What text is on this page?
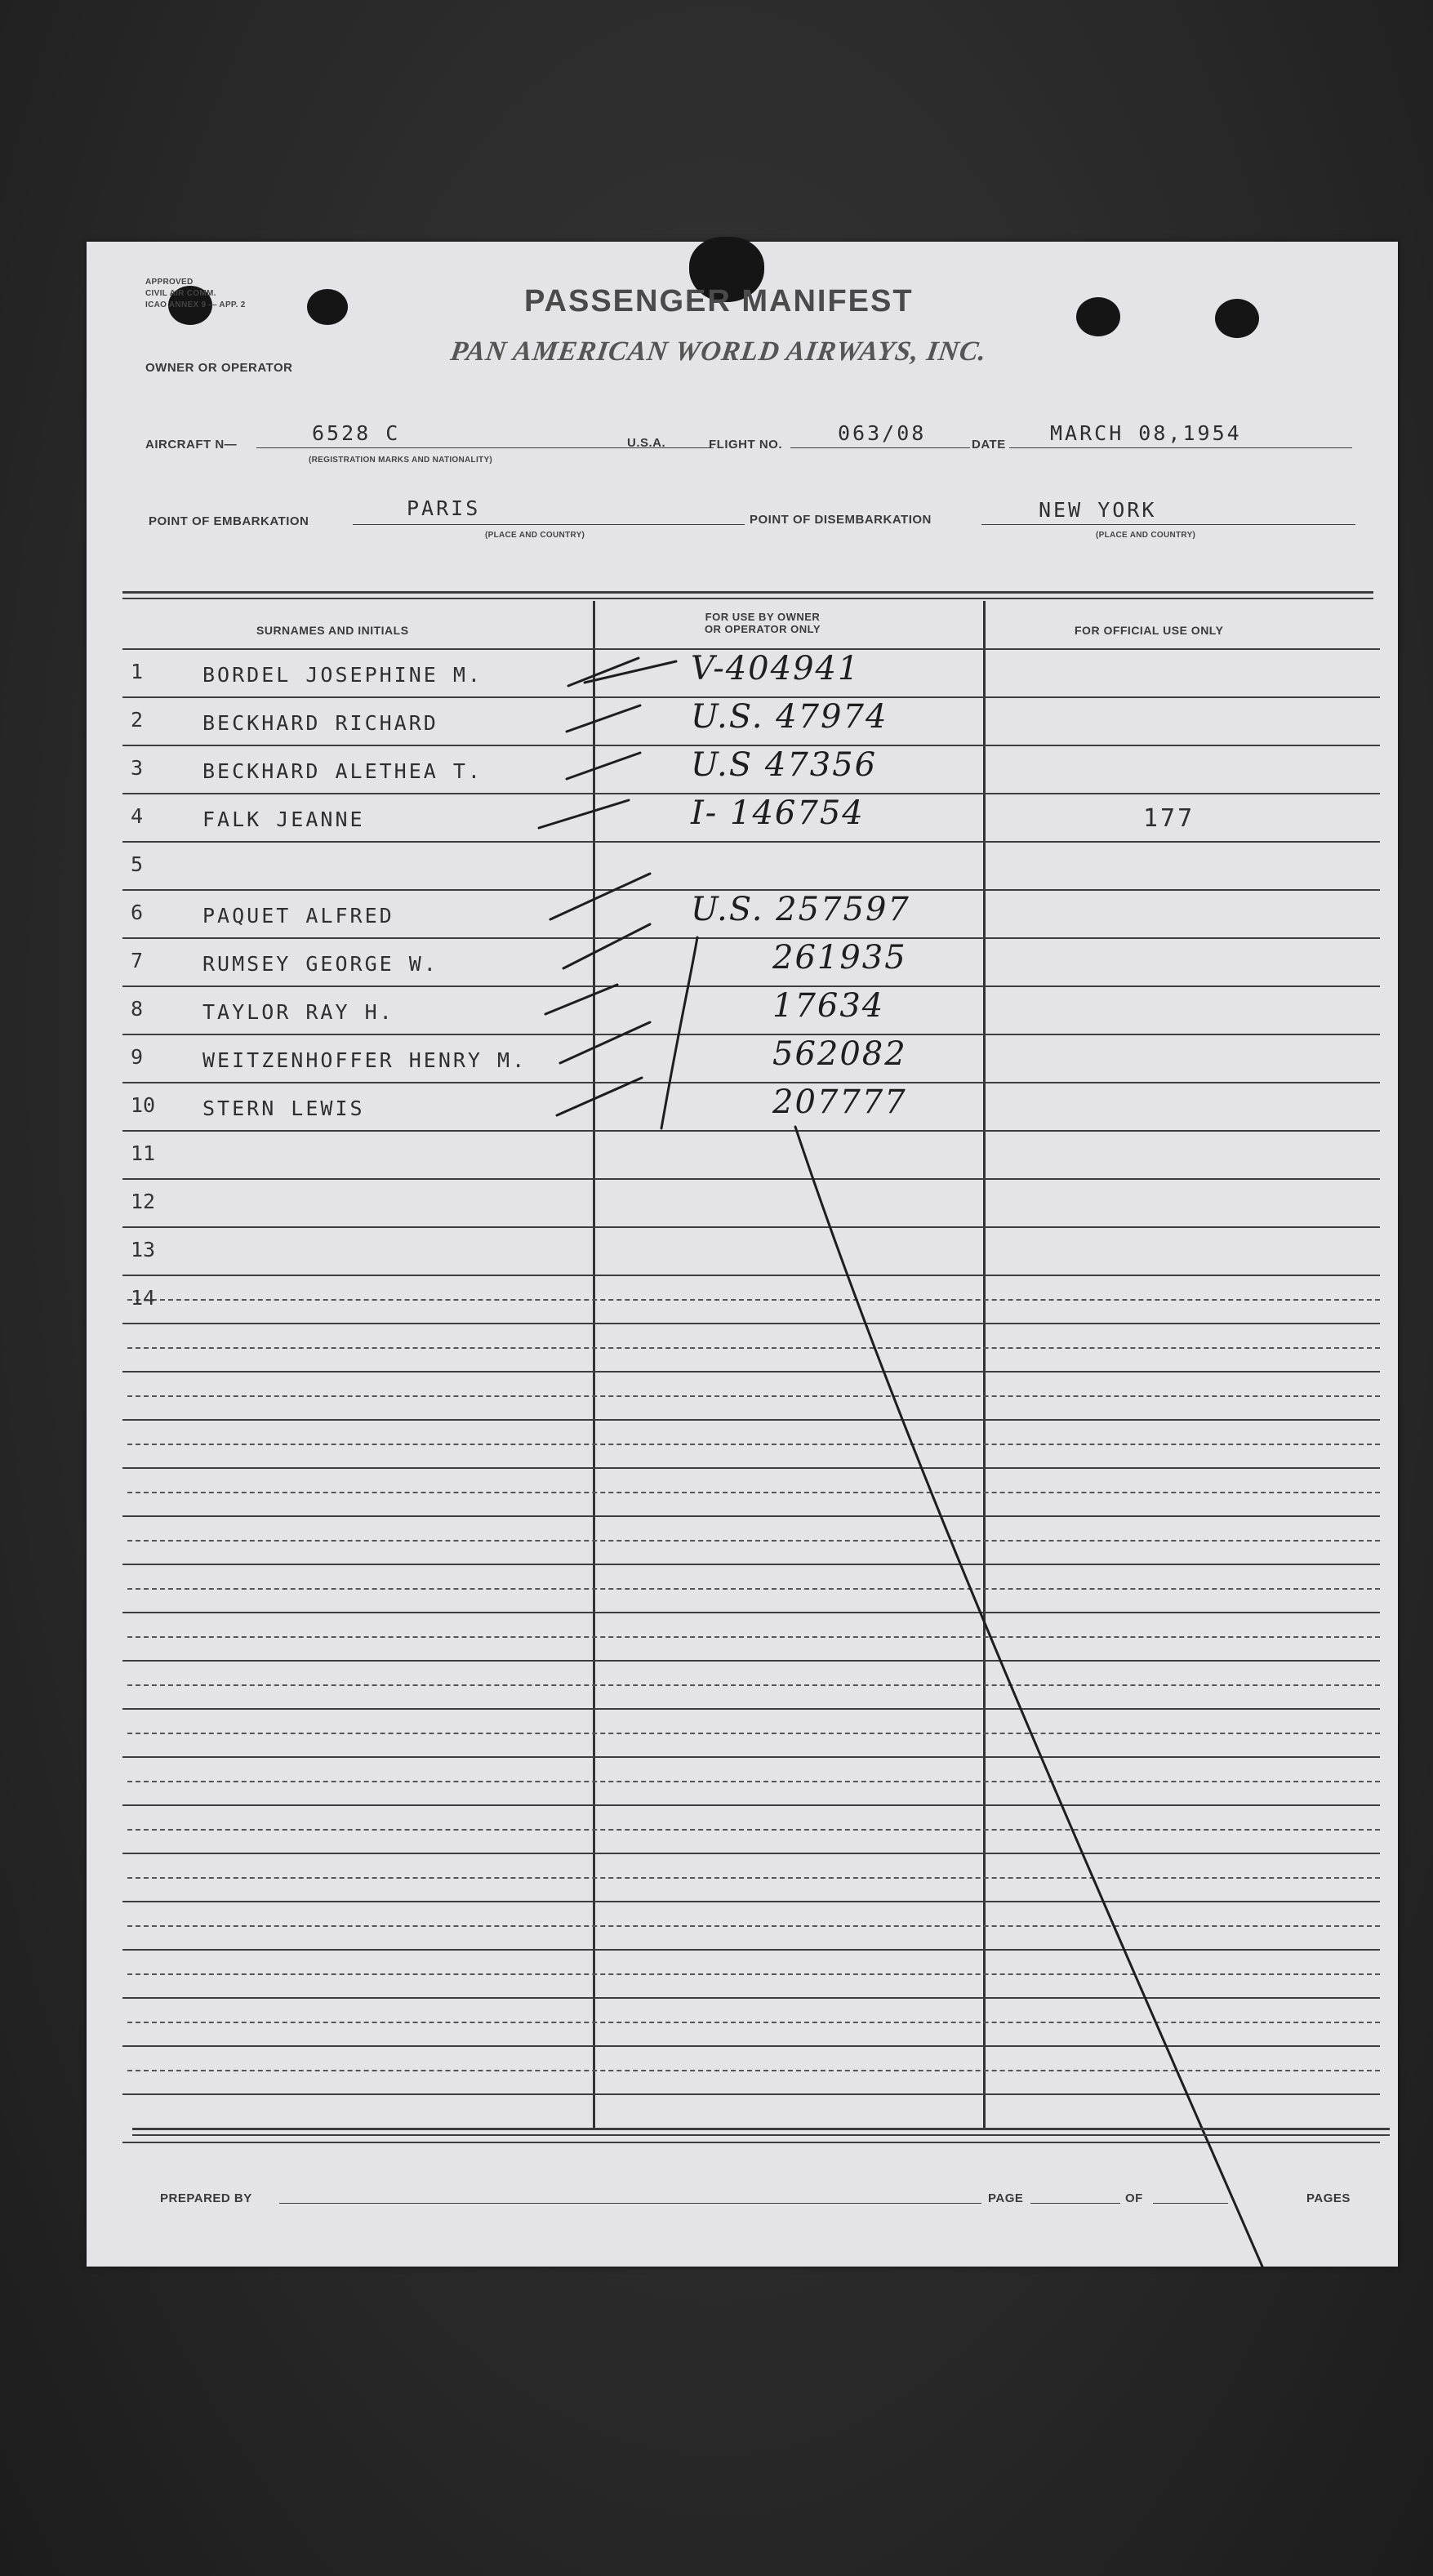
APPROVED
CIVIL AIR COMM.
ICAO ANNEX 9 — APP. 2	PASSENGER MANIFEST
OWNER OR OPERATOR
PAN AMERICAN WORLD AIRWAYS, INC.
AIRCRAFT N—	6528 C
(REGISTRATION MARKS AND NATIONALITY)
U.S.A.	FLIGHT NO.	063/08	DATE MARCH 08,1954
POINT OF EMBARKATION
PARIS
(PLACE AND COUNTRY)
POINT OF DISEMBARKATION	NEW YORK
(PLACE AND COUNTRY)
SURNAMES AND INITIALS
FOR USE BY OWNER OR OPERATOR ONLY	FOR OFFICIAL USE ONLY
1	BORDEL JOSEPHINE M.	V-404941
2	BECKHARD RICHARD	U.S. 47974
3	BECKHARD ALETHEA T.	U.S 47356
4	FALK JEANNE	I- 146754	177
5
6	PAQUET ALFRED	U.S. 257597
7	RUMSEY GEORGE W.	261935
8	TAYLOR RAY H.	17634
9	WEITZENHOFFER HENRY M.	562082
10 STERN LEWIS	207777
11
12
13
14
PREPARED BY	PAGE	OF	PAGES
